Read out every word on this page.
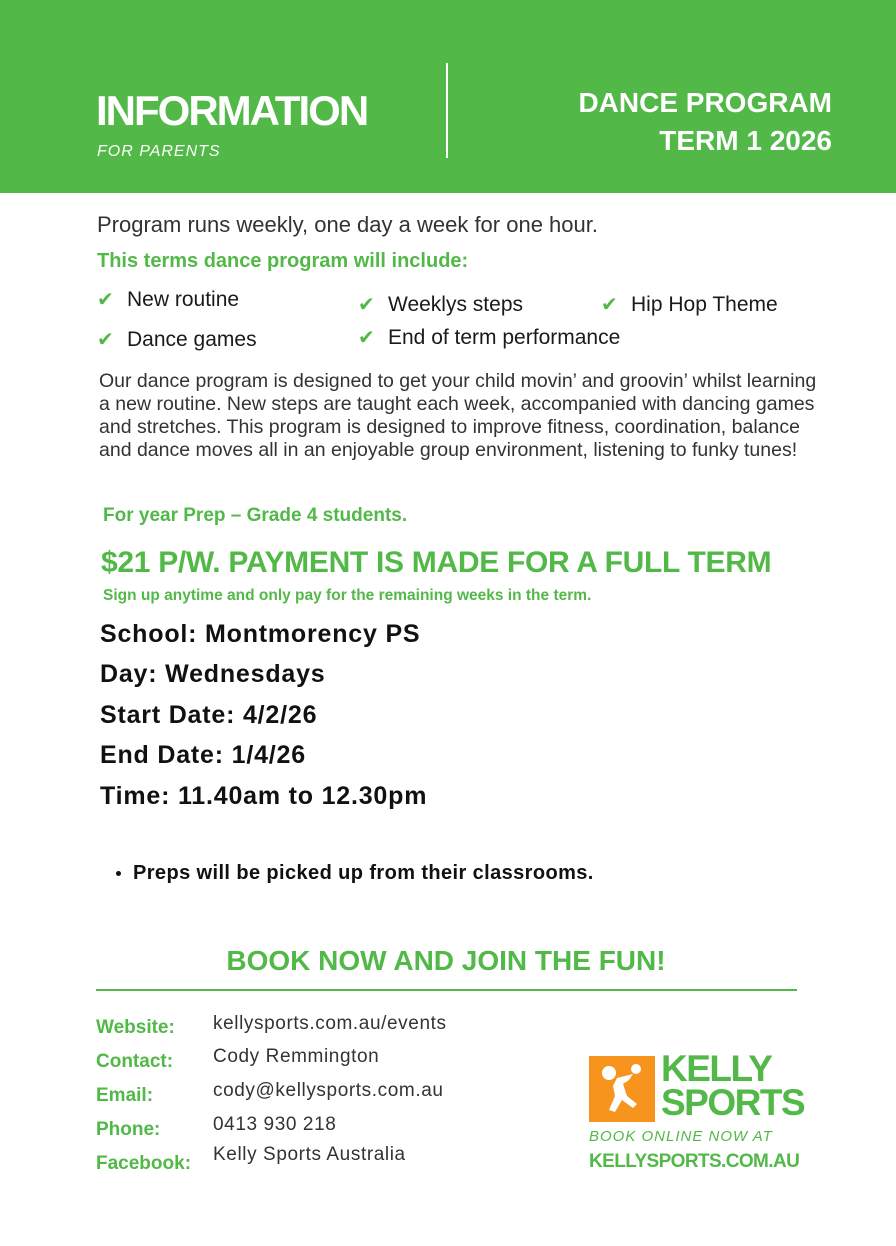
INFORMATION
FOR PARENTS
DANCE PROGRAM
TERM 1 2026
Program runs weekly, one day a week for one hour.
This terms dance program will include:
✔ New routine	✔ Weeklys steps	✔ Hip Hop Theme
✔ Dance games	✔ End of term performance
Our dance program is designed to get your child movin’ and groovin’ whilst learning a new routine. New steps are taught each week, accompanied with dancing games and stretches. This program is designed to improve fitness, coordination, balance and dance moves all in an enjoyable group environment, listening to funky tunes!
For year Prep – Grade 4 students.
$21 P/W. PAYMENT IS MADE FOR A FULL TERM
Sign up anytime and only pay for the remaining weeks in the term.
School: Montmorency PS
Day: Wednesdays
Start Date: 4/2/26
End Date: 1/4/26
Time: 11.40am to 12.30pm
Preps will be picked up from their classrooms.
BOOK NOW AND JOIN THE FUN!
Website: kellysports.com.au/events
Contact: Cody Remmington
Email:	cody@kellysports.com.au
Phone:	0413 930 218
Facebook: Kelly Sports Australia
KELLY
SPORTS
BOOK ONLINE NOW AT
KELLYSPORTS.COM.AU
